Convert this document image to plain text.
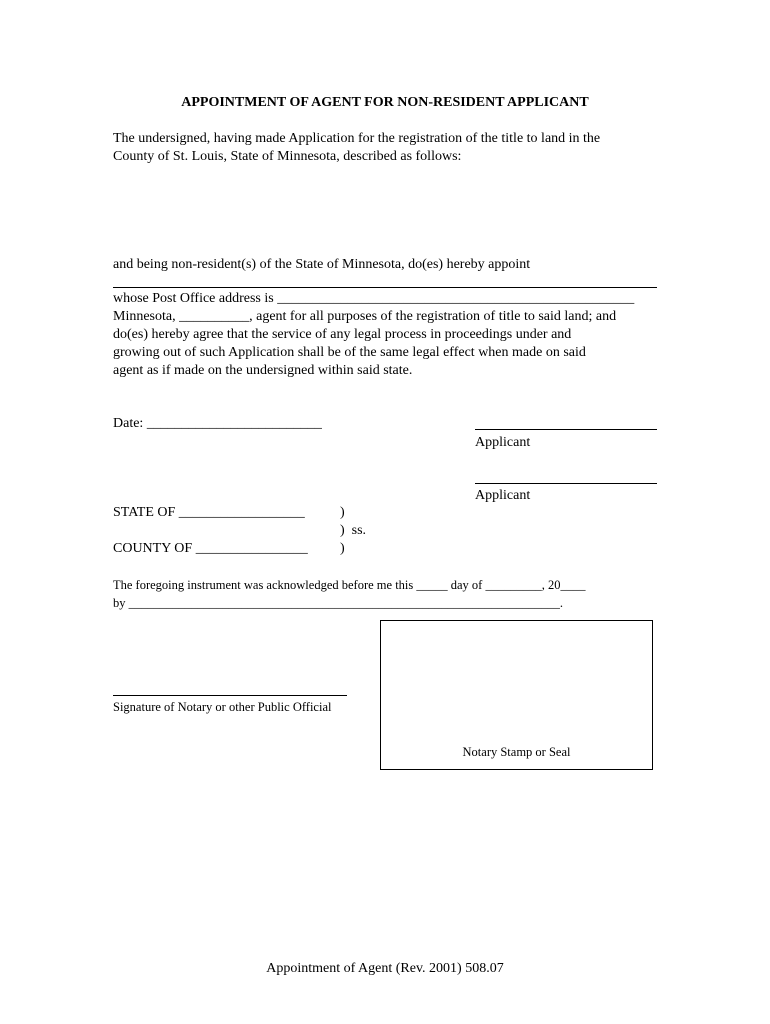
APPOINTMENT OF AGENT FOR NON-RESIDENT APPLICANT
The undersigned, having made Application for the registration of the title to land in the
County of St. Louis, State of Minnesota, described as follows:
and being non-resident(s) of the State of Minnesota, do(es) hereby appoint
whose Post Office address is ___________________________________________________
Minnesota, __________, agent for all purposes of the registration of title to said land; and
do(es) hereby agree that the service of any legal process in proceedings under and
growing out of such Application shall be of the same legal effect when made on said
agent as if made on the undersigned within said state.
Date: _________________________
Applicant
Applicant
STATE OF __________________	)
)  ss.
COUNTY OF ________________ )
The foregoing instrument was acknowledged before me this _____ day of _________, 20____
by _____________________________________________________________________.
Signature of Notary or other Public Official
Notary Stamp or Seal
Appointment of Agent (Rev. 2001) 508.07
